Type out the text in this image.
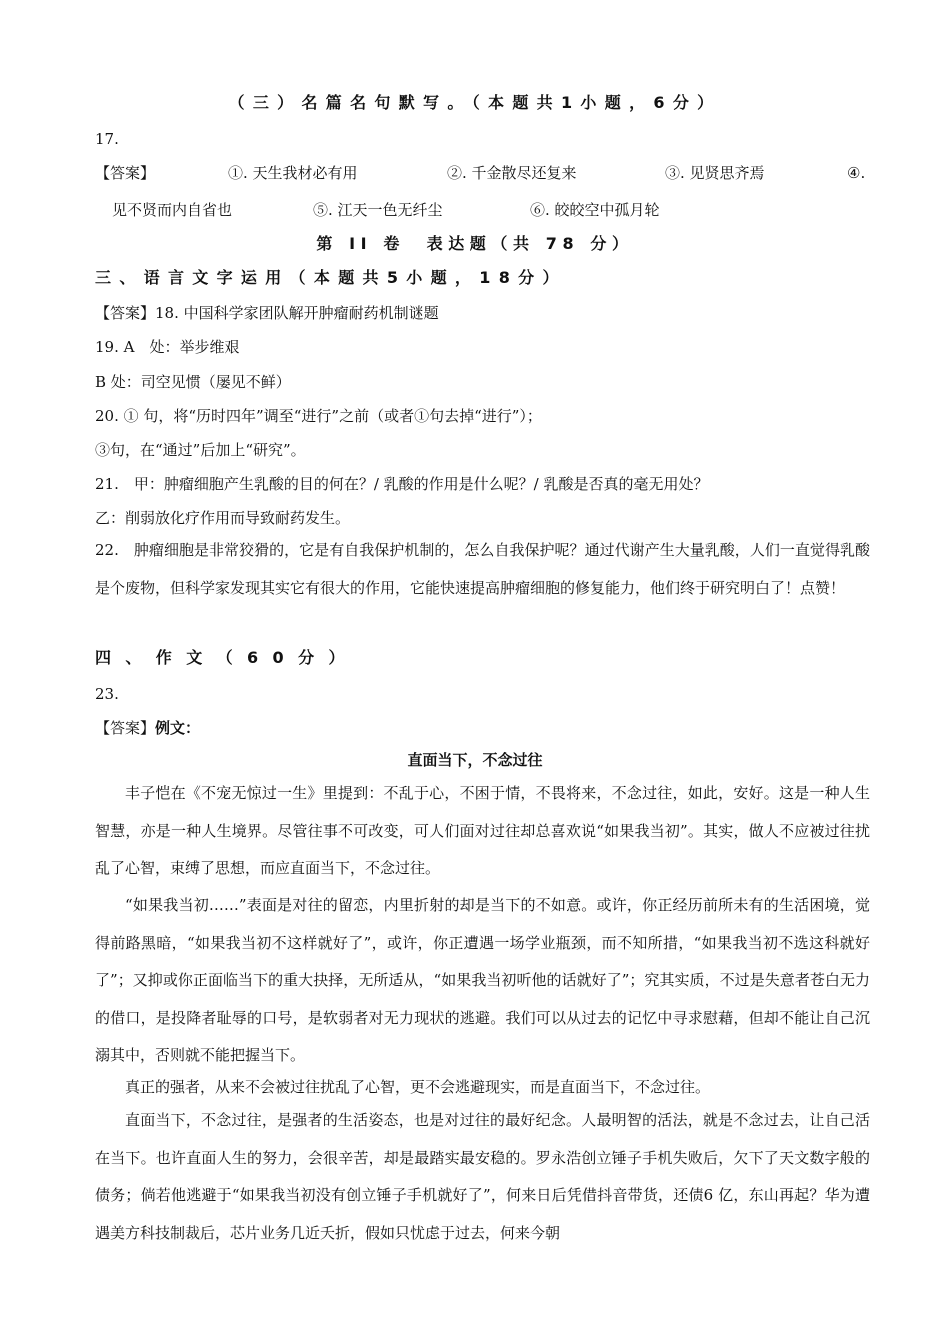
（三）名篇名句默写。（本题共1小题，6分）
17.
【答案】	①. 天生我材必有用	②. 千金散尽还复来	③. 见贤思齐焉	④.
见不贤而内自省也	⑤. 江天一色无纤尘	⑥. 皎皎空中孤月轮
第 II 卷　表达题（共 78 分）
三、语言文字运用（本题共5小题，18分）
【答案】18. 中国科学家团队解开肿瘤耐药机制谜题
19. A　处：举步维艰
B 处：司空见惯（屡见不鲜）
20. ① 句，将“历时四年”调至“进行”之前（或者①句去掉“进行”）；
③句，在“通过”后加上“研究”。
21.　甲：肿瘤细胞产生乳酸的目的何在？/ 乳酸的作用是什么呢？/ 乳酸是否真的毫无用处？
乙：削弱放化疗作用而导致耐药发生。
22.　肿瘤细胞是非常狡猾的，它是有自我保护机制的，怎么自我保护呢？通过代谢产生大量乳酸，人们一直觉得乳酸是个废物，但科学家发现其实它有很大的作用，它能快速提高肿瘤细胞的修复能力，他们终于研究明白了！点赞！
四、作文（60分）
23.
【答案】例文：
直面当下，不念过往
丰子恺在《不宠无惊过一生》里提到：不乱于心，不困于情，不畏将来，不念过往，如此，安好。这是一种人生智慧，亦是一种人生境界。尽管往事不可改变，可人们面对过往却总喜欢说“如果我当初”。其实，做人不应被过往扰乱了心智，束缚了思想，而应直面当下，不念过往。
“如果我当初……”表面是对往的留恋，内里折射的却是当下的不如意。或许，你正经历前所未有的生活困境，觉得前路黑暗，“如果我当初不这样就好了”，或许，你正遭遇一场学业瓶颈，而不知所措，“如果我当初不选这科就好了”；又抑或你正面临当下的重大抉择，无所适从，“如果我当初听他的话就好了”；究其实质，不过是失意者苍白无力的借口，是投降者耻辱的口号，是软弱者对无力现状的逃避。我们可以从过去的记忆中寻求慰藉，但却不能让自己沉溺其中，否则就不能把握当下。
真正的强者，从来不会被过往扰乱了心智，更不会逃避现实，而是直面当下，不念过往。
直面当下，不念过往，是强者的生活姿态，也是对过往的最好纪念。人最明智的活法，就是不念过去，让自己活在当下。也许直面人生的努力，会很辛苦，却是最踏实最安稳的。罗永浩创立锤子手机失败后，欠下了天文数字般的债务；倘若他逃避于“如果我当初没有创立锤子手机就好了”，何来日后凭借抖音带货，还债6 亿，东山再起？华为遭遇美方科技制裁后，芯片业务几近夭折，假如只忧虑于过去，何来今朝
